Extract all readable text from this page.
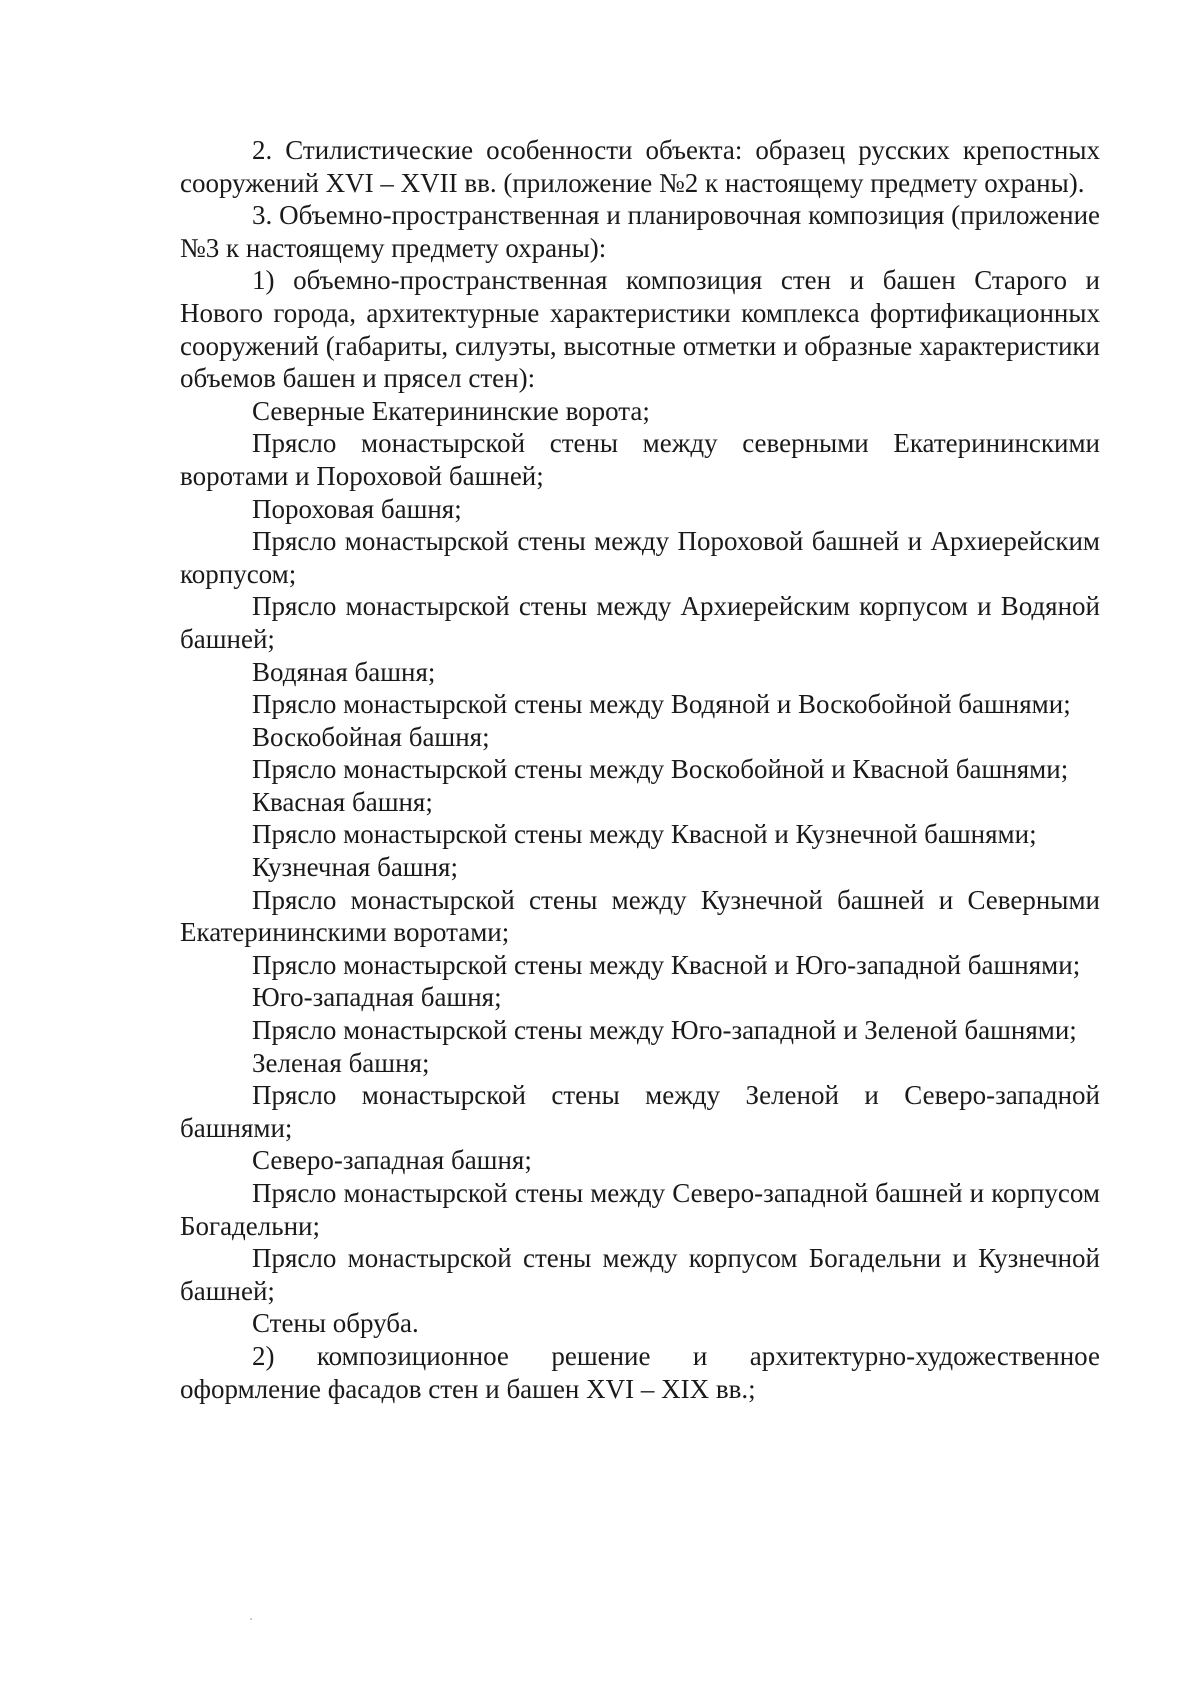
2. Стилистические особенности объекта: образец русских крепостных сооружений XVI – XVII вв. (приложение №2 к настоящему предмету охраны).

3. Объемно-пространственная и планировочная композиция (приложение №3 к настоящему предмету охраны):

1) объемно-пространственная композиция стен и башен Старого и Нового города, архитектурные характеристики комплекса фортификационных сооружений (габариты, силуэты, высотные отметки и образные характеристики объемов башен и прясел стен):

Северные Екатерининские ворота;

Прясло монастырской стены между северными Екатерининскими воротами и Пороховой башней;

Пороховая башня;

Прясло монастырской стены между Пороховой башней и Архиерейским корпусом;

Прясло монастырской стены между Архиерейским корпусом и Водяной башней;

Водяная башня;

Прясло монастырской стены между Водяной и Воскобойной башнями;

Воскобойная башня;

Прясло монастырской стены между Воскобойной и Квасной башнями;

Квасная башня;

Прясло монастырской стены между Квасной и Кузнечной башнями;

Кузнечная башня;

Прясло монастырской стены между Кузнечной башней и Северными Екатерининскими воротами;

Прясло монастырской стены между Квасной и Юго-западной башнями;

Юго-западная башня;

Прясло монастырской стены между Юго-западной и Зеленой башнями;

Зеленая башня;

Прясло монастырской стены между Зеленой и Северо-западной башнями;

Северо-западная башня;

Прясло монастырской стены между Северо-западной башней и корпусом Богадельни;

Прясло монастырской стены между корпусом Богадельни и Кузнечной башней;

Стены обруба.

2) композиционное решение и архитектурно-художественное оформление фасадов стен и башен XVI – XIX вв.;
